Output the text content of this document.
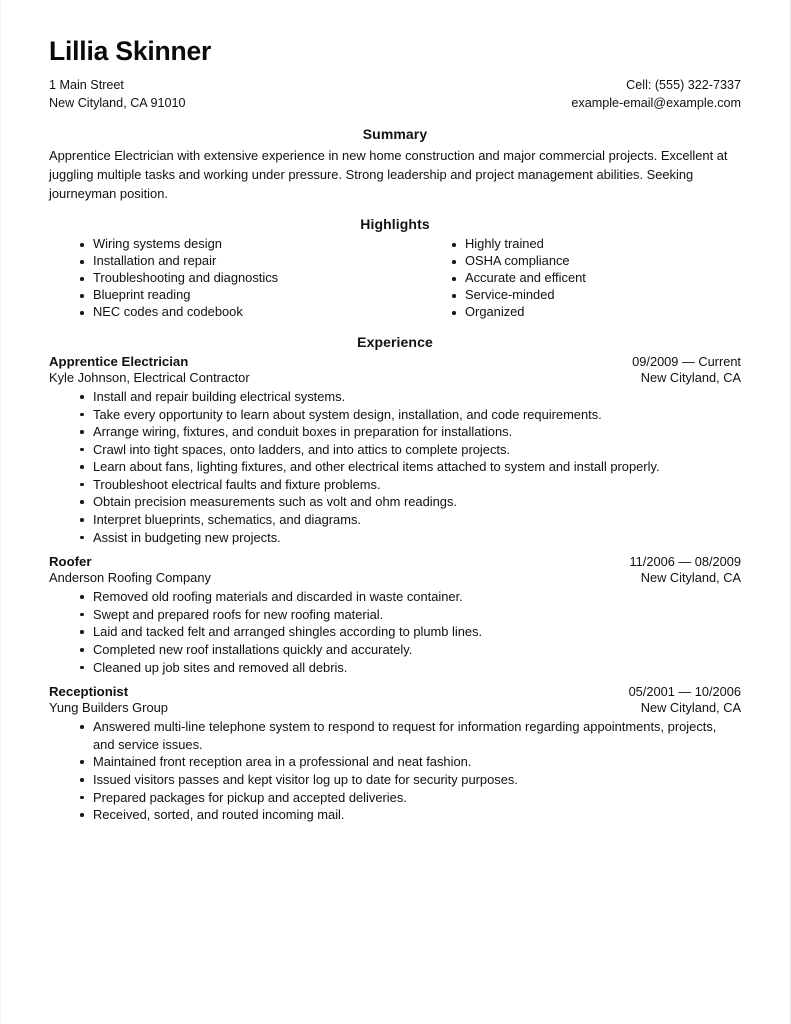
Lillia Skinner
1 Main Street
New Cityland, CA 91010
Cell: (555) 322-7337
example-email@example.com
Summary
Apprentice Electrician with extensive experience in new home construction and major commercial projects. Excellent at juggling multiple tasks and working under pressure. Strong leadership and project management abilities. Seeking journeyman position.
Highlights
Wiring systems design
Installation and repair
Troubleshooting and diagnostics
Blueprint reading
NEC codes and codebook
Highly trained
OSHA compliance
Accurate and efficent
Service-minded
Organized
Experience
Apprentice Electrician	09/2009 — Current
Kyle Johnson, Electrical Contractor	New Cityland, CA
Install and repair building electrical systems.
Take every opportunity to learn about system design, installation, and code requirements.
Arrange wiring, fixtures, and conduit boxes in preparation for installations.
Crawl into tight spaces, onto ladders, and into attics to complete projects.
Learn about fans, lighting fixtures, and other electrical items attached to system and install properly.
Troubleshoot electrical faults and fixture problems.
Obtain precision measurements such as volt and ohm readings.
Interpret blueprints, schematics, and diagrams.
Assist in budgeting new projects.
Roofer	11/2006 — 08/2009
Anderson Roofing Company	New Cityland, CA
Removed old roofing materials and discarded in waste container.
Swept and prepared roofs for new roofing material.
Laid and tacked felt and arranged shingles according to plumb lines.
Completed new roof installations quickly and accurately.
Cleaned up job sites and removed all debris.
Receptionist	05/2001 — 10/2006
Yung Builders Group	New Cityland, CA
Answered multi-line telephone system to respond to request for information regarding appointments, projects, and service issues.
Maintained front reception area in a professional and neat fashion.
Issued visitors passes and kept visitor log up to date for security purposes.
Prepared packages for pickup and accepted deliveries.
Received, sorted, and routed incoming mail.
